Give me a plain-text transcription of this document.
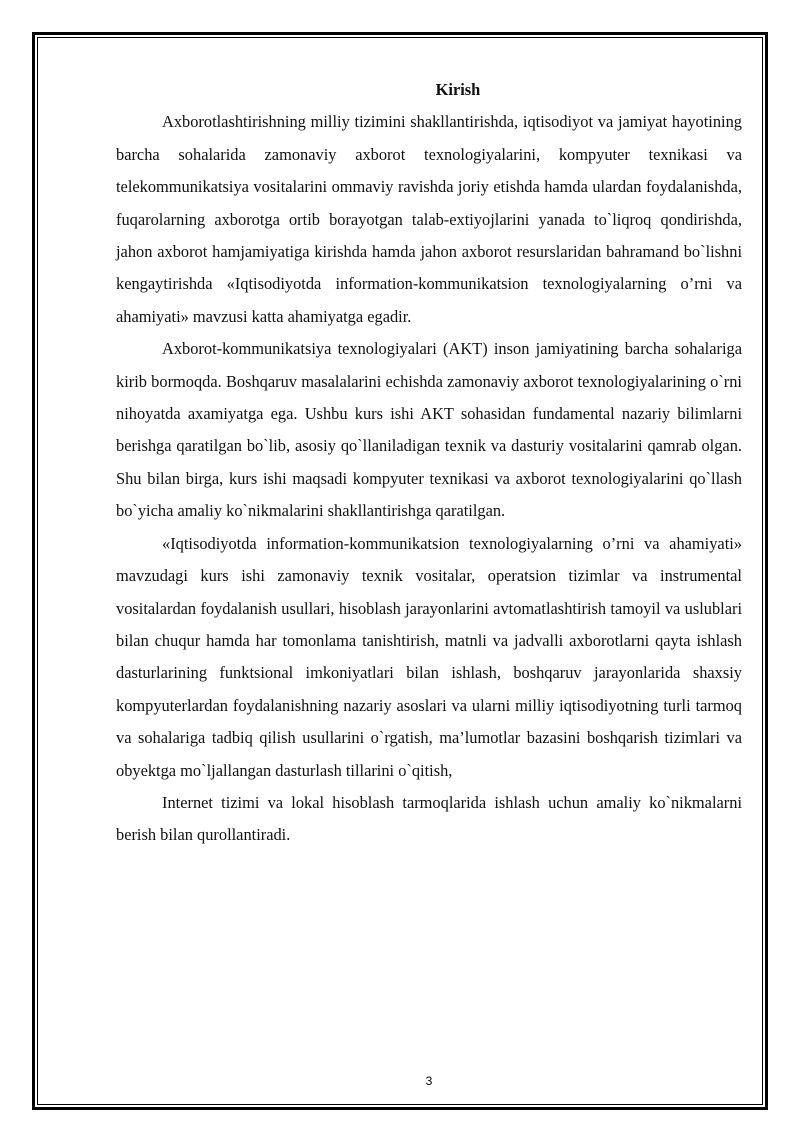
Kirish

Axborotlashtirishning milliy tizimini shakllantirishda, iqtisodiyot va jamiyat hayotining barcha sohalarida zamonaviy axborot texnologiyalarini, kompyuter texnikasi va telekommunikatsiya vositalarini ommaviy ravishda joriy etishda hamda ulardan foydalanishda, fuqarolarning axborotga ortib borayotgan talab-extiyojlarini yanada to`liqroq qondirishda, jahon axborot hamjamiyatiga kirishda hamda jahon axborot resurslaridan bahramand bo`lishni kengaytirishda «Iqtisodiyotda information-kommunikatsion texnologiyalarning o’rni va ahamiyati» mavzusi katta ahamiyatga egadir.

Axborot-kommunikatsiya texnologiyalari (AKT) inson jamiyatining barcha sohalariga kirib bormoqda. Boshqaruv masalalarini echishda zamonaviy axborot texnologiyalarining o`rni nihoyatda axamiyatga ega. Ushbu kurs ishi AKT sohasidan fundamental nazariy bilimlarni berishga qaratilgan bo`lib, asosiy qo`llaniladigan texnik va dasturiy vositalarini qamrab olgan. Shu bilan birga, kurs ishi maqsadi kompyuter texnikasi va axborot texnologiyalarini qo`llash bo`yicha amaliy ko`nikmalarini shakllantirishga qaratilgan.

«Iqtisodiyotda information-kommunikatsion texnologiyalarning o’rni va ahamiyati» mavzudagi kurs ishi zamonaviy texnik vositalar, operatsion tizimlar va instrumental vositalardan foydalanish usullari, hisoblash jarayonlarini avtomatlashtirish tamoyil va uslublari bilan chuqur hamda har tomonlama tanishtirish, matnli va jadvalli axborotlarni qayta ishlash dasturlarining funktsional imkoniyatlari bilan ishlash, boshqaruv jarayonlarida shaxsiy kompyuterlardan foydalanishning nazariy asoslari va ularni milliy iqtisodiyotning turli tarmoq va sohalariga tadbiq qilish usullarini o`rgatish, ma’lumotlar bazasini boshqarish tizimlari va obyektga mo`ljallangan dasturlash tillarini o`qitish,

Internet tizimi va lokal hisoblash tarmoqlarida ishlash uchun amaliy ko`nikmalarni berish bilan qurollantiradi.

3
